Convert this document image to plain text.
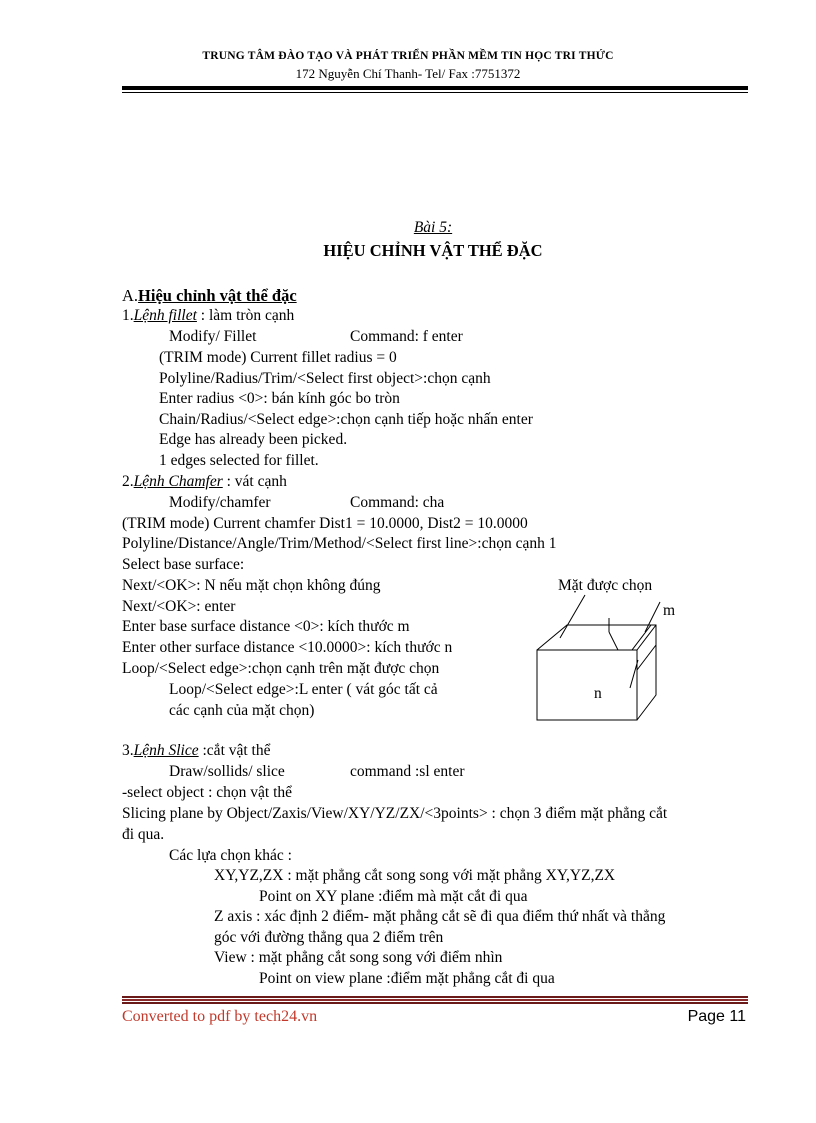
TRUNG TÂM ĐÀO TẠO VÀ PHÁT TRIỂN PHẦN MỀM TIN HỌC TRI THỨC
172 Nguyễn Chí Thanh- Tel/ Fax :7751372
Bài 5:
HIỆU CHỈNH VẬT THỂ ĐẶC
A.Hiệu chỉnh vật thể đặc
1.Lệnh fillet : làm tròn cạnh
Modify/ Fillet	Command: f enter
(TRIM mode) Current fillet radius = 0
Polyline/Radius/Trim/<Select first object>:chọn cạnh
Enter radius <0>: bán kính góc bo tròn
Chain/Radius/<Select edge>:chọn cạnh tiếp hoặc nhấn enter
Edge has already been picked.
1 edges selected for fillet.
2.Lệnh Chamfer : vát cạnh
Modify/chamfer	Command: cha
(TRIM mode) Current chamfer Dist1 = 10.0000, Dist2 = 10.0000
Polyline/Distance/Angle/Trim/Method/<Select first line>:chọn cạnh 1
Select base surface:
Next/<OK>: N nếu mặt chọn không đúng
Next/<OK>: enter
Enter base surface distance <0>: kích thước m
Enter other surface distance <10.0000>: kích thước n
Loop/<Select edge>:chọn cạnh trên mặt được chọn
Loop/<Select edge>:L enter ( vát góc tất cả
các cạnh của mặt chọn)
Mặt được chọn
m
n
3.Lệnh Slice :cắt vật thể
Draw/sollids/ slice	command :sl enter
-select object : chọn vật thể
Slicing plane by Object/Zaxis/View/XY/YZ/ZX/<3points> : chọn 3 điểm mặt phẳng cắt
đi qua.
Các lựa chọn khác :
XY,YZ,ZX : mặt phẳng cắt song song với mặt phẳng XY,YZ,ZX
Point on XY plane :điểm mà mặt cắt đi qua
Z axis : xác định 2 điểm- mặt phẳng cắt sẽ đi qua điểm thứ nhất và thẳng
góc với đường thẳng qua 2 điểm trên
View : mặt phẳng cắt song song với điểm nhìn
Point on view plane :điểm mặt phẳng cắt đi qua
Converted to pdf by tech24.vn	Page 11
